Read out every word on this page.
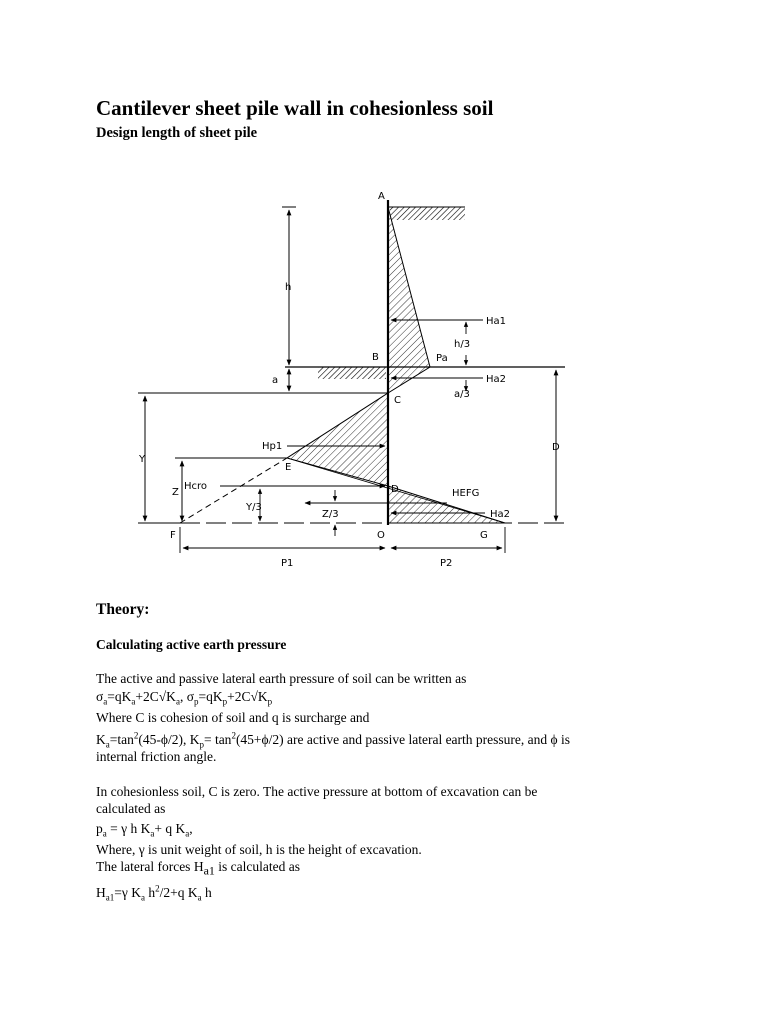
Cantilever sheet pile wall in cohesionless soil
Design length of sheet pile
A
B
C
D
E
F	G
O
h
a
Y
Z
D
Ha1
h/3
Pa
Ha2
a/3
Hp1
Hcro
Y/3
Z/3
HEFG
Ha2
P1	P2
Theory:
Calculating active earth pressure

The active and passive lateral earth pressure of soil can be written as

$\sigma_a=qK_a+2C√K_a$, $\sigma_p=qK_p+2C√K_p$

Where C is cohesion of soil and q is surcharge and

$K_a=\tan^2(45-\phi/2)$, $K_p= \tan^2(45+\phi/2)$ are active and passive lateral earth pressure, and ϕ is

internal friction angle.

In cohesionless soil, C is zero. The active pressure at bottom of excavation can be

calculated as

$p_a = \gamma$ h $K_a+ q$ $K_a$,

Where, γ is unit weight of soil, h is the height of excavation.

The lateral forces $H_{a1}$ is calculated as

$H_{a1}=\gamma$ $K_a$ $h^2/2+q$ $K_a$ h
